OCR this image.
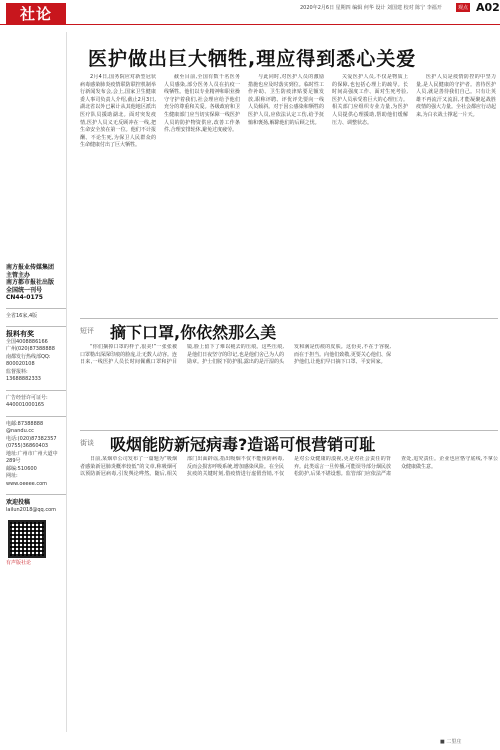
社论	2020年2月6日 星期四 编辑 何华 设计 刘国建 校对 陈宁 李福开	观点 A02
南方报业传媒集团
主管主办
南方都市报社出版
全国统一刊号
CN44-0175
全省16家,4版
报料有奖
全国4008886166
广州(020)87388888
南都发行热线部QQ:
800020108
监督报料:
13688882333
广告经营许可证号:
440001000165
电邮:87388888
@nandu.cc
电话:(020)87382357
(0755)36860403
地址:广州市广州大道中
289号
邮编:510600
网址:
www.oeeee.com
欢迎投稿
laiIun2018@qq.com
有声版社论
医护做出巨大牺牲,理应得到悉心关爱

2月4日,国务院应对新型冠状病毒感染肺炎疫情联防联控机制举行新闻发布会,会上,国家卫生健康委人事司负责人介绍,截止2月3日,湖北省以外已累计从其他地区派出医疗队员援助湖北。面对突发疫情,医护人员义无反顾冲在一线,把生命安全放在第一位。他们不计报酬、不论生死,为保卫人民群众的生命健康付出了巨大牺牲。

截至目前,全国有数千名医务人员感染,部分医务人员在抗疫一线牺牲。他们以专业精神和职业操守守护着我们,社会理应给予他们充分的尊重和关爱。各级政府和卫生健康部门应当切实保障一线医护人员的防护物资供应,改善工作条件,合理安排轮休,避免过度疲劳。

与此同时,对医护人员的激励措施也应及时落实到位。临时性工作补助、卫生防疫津贴要足额发放,职称评聘、评优评先要向一线人员倾斜。对于因公感染和牺牲的医护人员,应依法认定工伤,给予抚恤和褒扬,解除他们的后顾之忧。

关爱医护人员,不仅是物质上的保障,也包括心理上的疏导。长时间高强度工作、面对生死考验,医护人员承受着巨大的心理压力。相关部门应组织专业力量,为医护人员提供心理援助,帮助他们缓解压力、调整状态。

医护人员是疫情防控的中坚力量,是人民健康的守护者。善待医护人员,就是善待我们自己。只有让英雄不再流汗又流泪,才能凝聚起战胜疫情的强大力量。全社会都应行动起来,为白衣战士撑起一片天。

短评 摘下口罩,你依然那么美

“你们摘掉口罩的样子,很美!”一张张被口罩勒出深深印痕的脸庞,让无数人动容。连日来,一线医护人员长时间佩戴口罩和护目镜,脸上留下了难以褪去的压痕。这些压痕,是他们日夜坚守的印记,也是他们舍己为人的勋章。护士们脱下防护服,露出的是汗湿的头发和满是伤痕的皮肤。这份美,不在于容貌,而在于担当。向他们致敬,更要关心他们、保护他们,让他们早日摘下口罩、平安回家。

街谈 吸烟能防新冠病毒?造谣可恨营销可耻

日前,某烟草公司发布了一篇题为“吸烟者感染新冠肺炎概率较低”的文章,称吸烟可以预防新冠病毒,引发舆论哗然。随后,相关部门出面辟谣,指出吸烟不仅不能预防病毒,反而会损害呼吸系统,增加感染风险。在全民抗疫的关键时刻,借疫情进行虚假营销,不仅是对公众健康的漠视,更是对社会责任的背弃。此类谣言一旦传播,可能误导部分烟民放松防护,后果不堪设想。监管部门应依法严肃查处,追究责任。企业也应恪守底线,不拿公众健康做生意。

■ 二里庄
